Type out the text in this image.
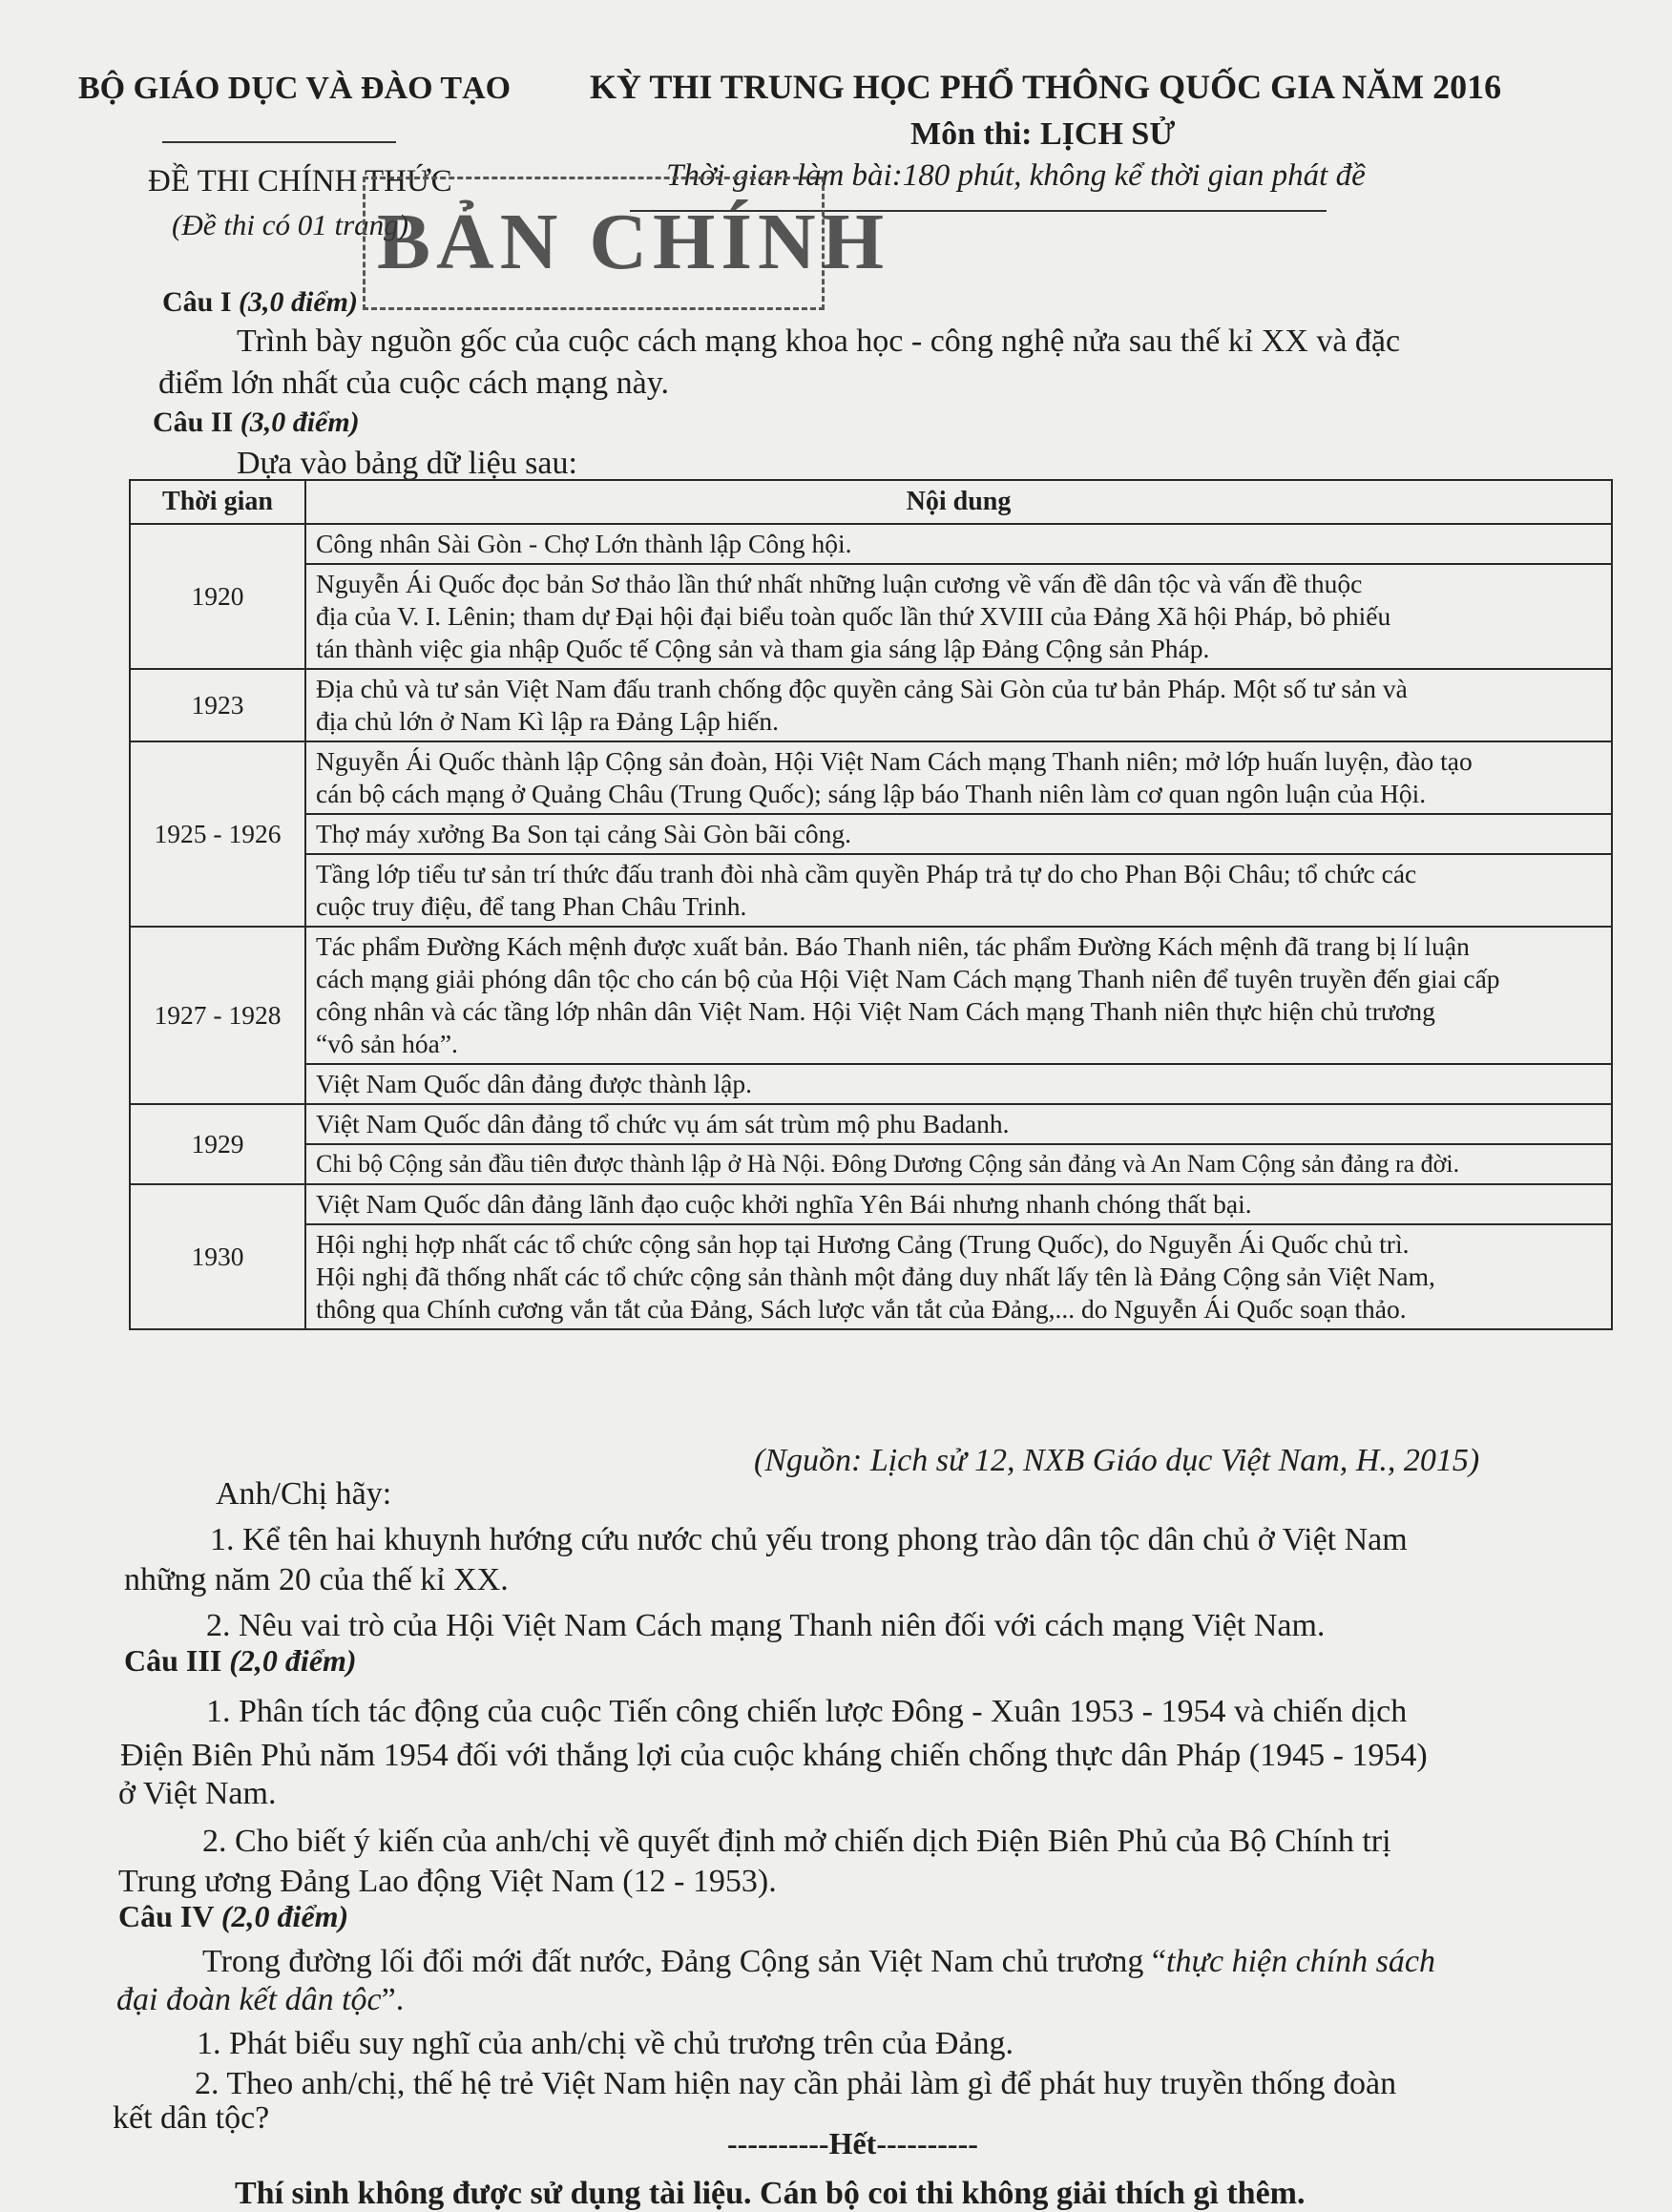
BỘ GIÁO DỤC VÀ ĐÀO TẠO KỲ THI TRUNG HỌC PHỔ THÔNG QUỐC GIA NĂM 2016
Môn thi: LỊCH SỬ
ĐỀ THI CHÍNH THỨC
(Đề thi có 01 trang)
Thời gian làm bài:180 phút, không kể thời gian phát đề
BẢN CHÍNH
Câu I (3,0 điểm)
Trình bày nguồn gốc của cuộc cách mạng khoa học - công nghệ nửa sau thế kỉ XX và đặc
điểm lớn nhất của cuộc cách mạng này.
Câu II (3,0 điểm)
Dựa vào bảng dữ liệu sau:
Thời gian	Nội dung
1920	Công nhân Sài Gòn - Chợ Lớn thành lập Công hội.

	Nguyễn Ái Quốc đọc bản Sơ thảo lần thứ nhất những luận cương về vấn đề dân tộc và vấn đề thuộc
địa của V. I. Lênin; tham dự Đại hội đại biểu toàn quốc lần thứ XVIII của Đảng Xã hội Pháp, bỏ phiếu
tán thành việc gia nhập Quốc tế Cộng sản và tham gia sáng lập Đảng Cộng sản Pháp.

1923	Địa chủ và tư sản Việt Nam đấu tranh chống độc quyền cảng Sài Gòn của tư bản Pháp. Một số tư sản và
địa chủ lớn ở Nam Kì lập ra Đảng Lập hiến.

1925 - 1926	Nguyễn Ái Quốc thành lập Cộng sản đoàn, Hội Việt Nam Cách mạng Thanh niên; mở lớp huấn luyện, đào tạo
cán bộ cách mạng ở Quảng Châu (Trung Quốc); sáng lập báo Thanh niên làm cơ quan ngôn luận của Hội.

	Thợ máy xưởng Ba Son tại cảng Sài Gòn bãi công.

	Tầng lớp tiểu tư sản trí thức đấu tranh đòi nhà cầm quyền Pháp trả tự do cho Phan Bội Châu; tổ chức các
cuộc truy điệu, để tang Phan Châu Trinh.

1927 - 1928	Tác phẩm Đường Kách mệnh được xuất bản. Báo Thanh niên, tác phẩm Đường Kách mệnh đã trang bị lí luận
cách mạng giải phóng dân tộc cho cán bộ của Hội Việt Nam Cách mạng Thanh niên để tuyên truyền đến giai cấp
công nhân và các tầng lớp nhân dân Việt Nam. Hội Việt Nam Cách mạng Thanh niên thực hiện chủ trương
“vô sản hóa”.

	Việt Nam Quốc dân đảng được thành lập.

1929	Việt Nam Quốc dân đảng tổ chức vụ ám sát trùm mộ phu Badanh.

	Chi bộ Cộng sản đầu tiên được thành lập ở Hà Nội. Đông Dương Cộng sản đảng và An Nam Cộng sản đảng ra đời.

1930	Việt Nam Quốc dân đảng lãnh đạo cuộc khởi nghĩa Yên Bái nhưng nhanh chóng thất bại.

	Hội nghị hợp nhất các tổ chức cộng sản họp tại Hương Cảng (Trung Quốc), do Nguyễn Ái Quốc chủ trì.
Hội nghị đã thống nhất các tổ chức cộng sản thành một đảng duy nhất lấy tên là Đảng Cộng sản Việt Nam,
thông qua Chính cương vắn tắt của Đảng, Sách lược vắn tắt của Đảng,... do Nguyễn Ái Quốc soạn thảo.
(Nguồn: Lịch sử 12, NXB Giáo dục Việt Nam, H., 2015)
Anh/Chị hãy:
1. Kể tên hai khuynh hướng cứu nước chủ yếu trong phong trào dân tộc dân chủ ở Việt Nam
những năm 20 của thế kỉ XX.
2. Nêu vai trò của Hội Việt Nam Cách mạng Thanh niên đối với cách mạng Việt Nam.
Câu III (2,0 điểm)
1. Phân tích tác động của cuộc Tiến công chiến lược Đông - Xuân 1953 - 1954 và chiến dịch
Điện Biên Phủ năm 1954 đối với thắng lợi của cuộc kháng chiến chống thực dân Pháp (1945 - 1954)
ở Việt Nam.
2. Cho biết ý kiến của anh/chị về quyết định mở chiến dịch Điện Biên Phủ của Bộ Chính trị
Trung ương Đảng Lao động Việt Nam (12 - 1953).
Câu IV (2,0 điểm)
Trong đường lối đổi mới đất nước, Đảng Cộng sản Việt Nam chủ trương “thực hiện chính sách
đại đoàn kết dân tộc”.
1. Phát biểu suy nghĩ của anh/chị về chủ trương trên của Đảng.
2. Theo anh/chị, thế hệ trẻ Việt Nam hiện nay cần phải làm gì để phát huy truyền thống đoàn
kết dân tộc?
----------Hết----------
Thí sinh không được sử dụng tài liệu. Cán bộ coi thi không giải thích gì thêm.
